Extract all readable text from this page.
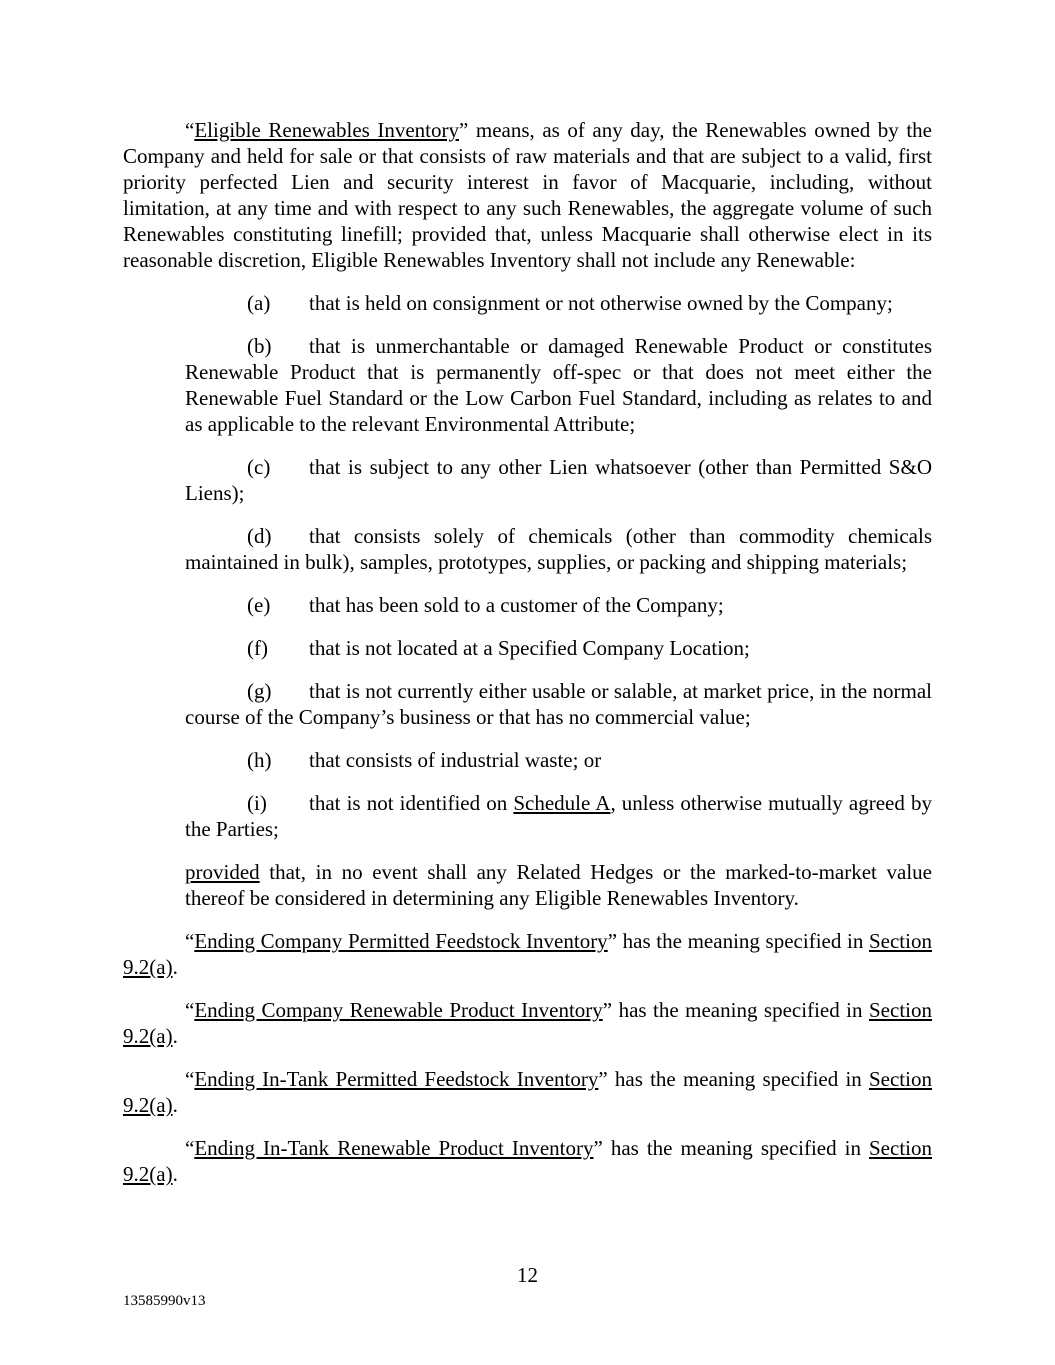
“Eligible Renewables Inventory” means, as of any day, the Renewables owned by the Company and held for sale or that consists of raw materials and that are subject to a valid, first priority perfected Lien and security interest in favor of Macquarie, including, without limitation, at any time and with respect to any such Renewables, the aggregate volume of such Renewables constituting linefill; provided that, unless Macquarie shall otherwise elect in its reasonable discretion, Eligible Renewables Inventory shall not include any Renewable:

(a) that is held on consignment or not otherwise owned by the Company;

(b) that is unmerchantable or damaged Renewable Product or constitutes Renewable Product that is permanently off-spec or that does not meet either the Renewable Fuel Standard or the Low Carbon Fuel Standard, including as relates to and as applicable to the relevant Environmental Attribute;

(c) that is subject to any other Lien whatsoever (other than Permitted S&O Liens);

(d) that consists solely of chemicals (other than commodity chemicals maintained in bulk), samples, prototypes, supplies, or packing and shipping materials;

(e) that has been sold to a customer of the Company;

(f) that is not located at a Specified Company Location;

(g) that is not currently either usable or salable, at market price, in the normal course of the Company’s business or that has no commercial value;

(h) that consists of industrial waste; or

(i) that is not identified on Schedule A, unless otherwise mutually agreed by the Parties;

provided that, in no event shall any Related Hedges or the marked-to-market value thereof be considered in determining any Eligible Renewables Inventory.

“Ending Company Permitted Feedstock Inventory” has the meaning specified in Section 9.2(a).

“Ending Company Renewable Product Inventory” has the meaning specified in Section 9.2(a).

“Ending In-Tank Permitted Feedstock Inventory” has the meaning specified in Section 9.2(a).

“Ending In-Tank Renewable Product Inventory” has the meaning specified in Section 9.2(a).

12
13585990v13
